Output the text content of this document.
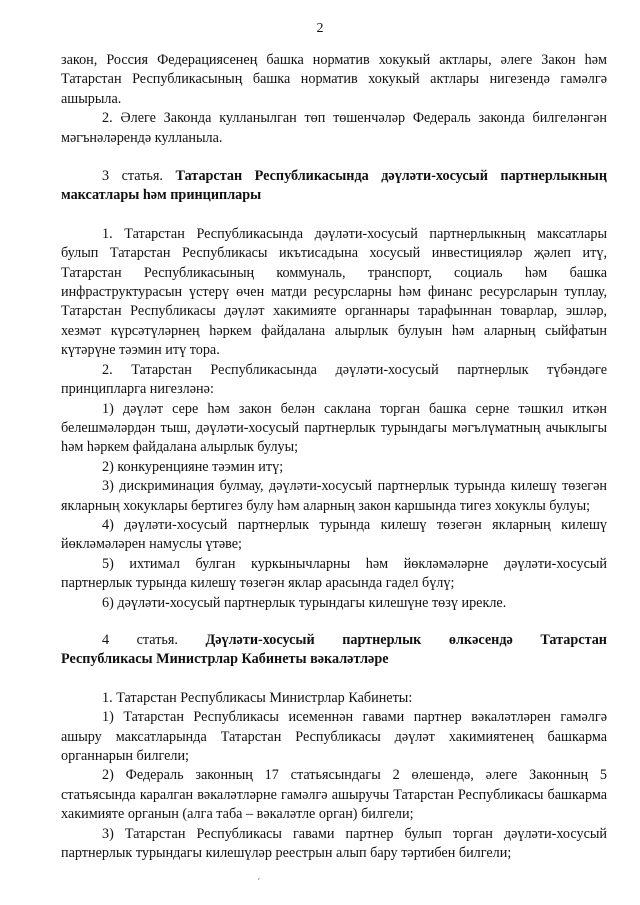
2

закон, Россия Федерациясенең башка норматив хокукый актлары, әлеге Закон һәм Татарстан Республикасының башка норматив хокукый актлары нигезендә гамәлгә ашырыла.

2. Әлеге Законда кулланылган төп төшенчәләр Федераль законда билгеләнгән мәгънәләрендә кулланыла.

3 статья. Татарстан Республикасында дәүләти-хосусый партнерлыкның максатлары һәм принциплары

1. Татарстан Республикасында дәүләти-хосусый партнерлыкның максатлары булып Татарстан Республикасы икътисадына хосусый инвестицияләр җәлеп итү, Татарстан Республикасының коммуналь, транспорт, социаль һәм башка инфраструктурасын үстерү өчен матди ресурсларны һәм финанс ресурсларын туплау, Татарстан Республикасы дәүләт хакимияте органнары тарафыннан товарлар, эшләр, хезмәт күрсәтүләрнең һәркем файдалана алырлык булуын һәм аларның сыйфатын күтәрүне тәэмин итү тора.

2. Татарстан Республикасында дәүләти-хосусый партнерлык түбәндәге принципларга нигезләнә:

1) дәүләт сере һәм закон белән саклана торган башка серне тәшкил иткән белешмәләрдән тыш, дәүләти-хосусый партнерлык турындагы мәгълүматның ачыклыгы һәм һәркем файдалана алырлык булуы;

2) конкуренцияне тәэмин итү;

3) дискриминация булмау, дәүләти-хосусый партнерлык турында килешү төзегән якларның хокуклары бертигез булу һәм аларның закон каршында тигез хокуклы булуы;

4) дәүләти-хосусый партнерлык турында килешү төзегән якларның килешү йөкләмәләрен намуслы үтәве;

5) ихтимал булган куркынычларны һәм йөкләмәләрне дәүләти-хосусый партнерлык турында килешү төзегән яклар арасында гадел бүлү;

6) дәүләти-хосусый партнерлык турындагы килешүне төзү ирекле.

4 статья. Дәүләти-хосусый партнерлык өлкәсендә Татарстан
Республикасы Министрлар Кабинеты вәкаләтләре

1. Татарстан Республикасы Министрлар Кабинеты:

1) Татарстан Республикасы исеменнән гавами партнер вәкаләтләрен гамәлгә ашыру максатларында Татарстан Республикасы дәүләт хакимиятенең башкарма органнарын билгели;

2) Федераль законның 17 статьясындагы 2 өлешендә, әлеге Законның 5 статьясында каралган вәкаләтләрне гамәлгә ашыручы Татарстан Республикасы башкарма хакимияте органын (алга таба – вәкаләтле орган) билгели;

3) Татарстан Республикасы гавами партнер булып торган дәүләти-хосусый партнерлык турындагы килешүләр реестрын алып бару тәртибен билгели;

⸴
